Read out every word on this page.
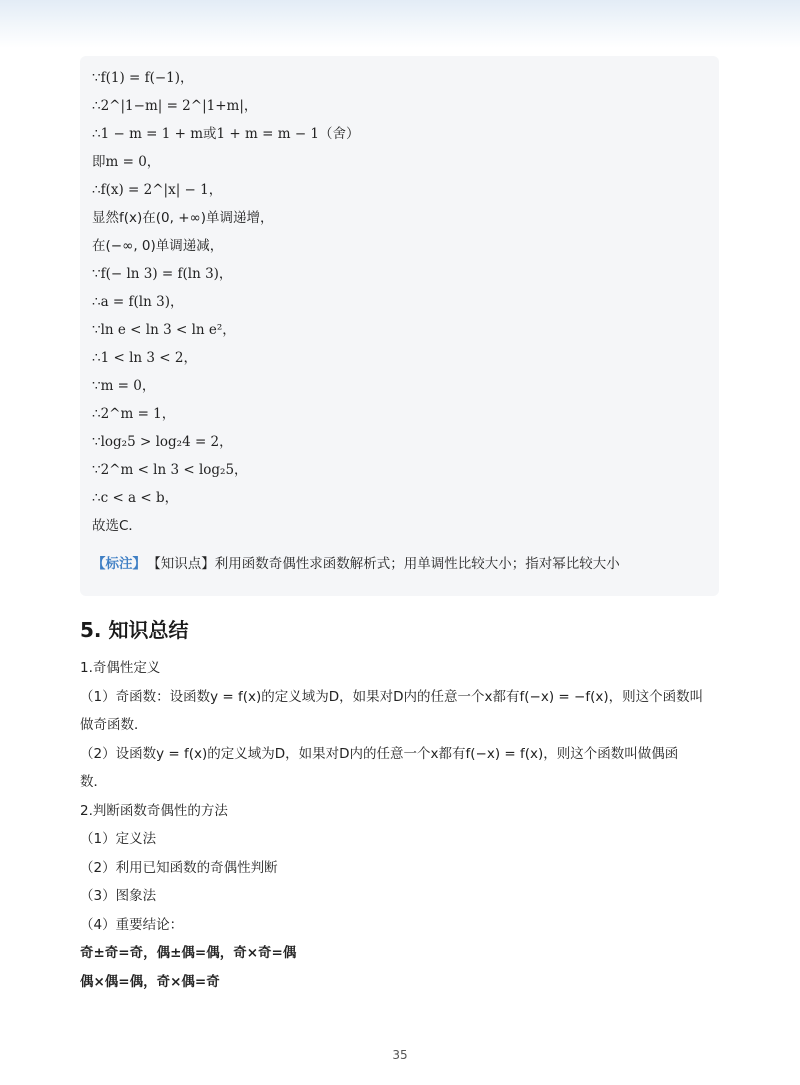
∵f(1) = f(−1)，
∴2^|1−m| = 2^|1+m|，
∴1 − m = 1 + m或1 + m = m − 1（舍）
即m = 0，
∴f(x) = 2^|x| − 1，
显然f(x)在(0, +∞)单调递增，
在(−∞, 0)单调递减，
∵f(− ln 3) = f(ln 3)，
∴a = f(ln 3)，
∵ln e < ln 3 < ln e²，
∴1 < ln 3 < 2，
∵m = 0，
∴2^m = 1，
∵log₂5 > log₂4 = 2，
∵2^m < ln 3 < log₂5，
∴c < a < b，
故选C．
【标注】 【知识点】利用函数奇偶性求函数解析式；用单调性比较大小；指对幂比较大小
5. 知识总结
1.奇偶性定义
（1）奇函数：设函数y = f(x)的定义域为D，如果对D内的任意一个x都有f(−x) = −f(x)，则这个函数叫
做奇函数．
（2）设函数y = f(x)的定义域为D，如果对D内的任意一个x都有f(−x) = f(x)，则这个函数叫做偶函
数．
2.判断函数奇偶性的方法
（1）定义法
（2）利用已知函数的奇偶性判断
（3）图象法
（4）重要结论：
奇±奇=奇，偶±偶=偶，奇×奇=偶
偶×偶=偶，奇×偶=奇
35
